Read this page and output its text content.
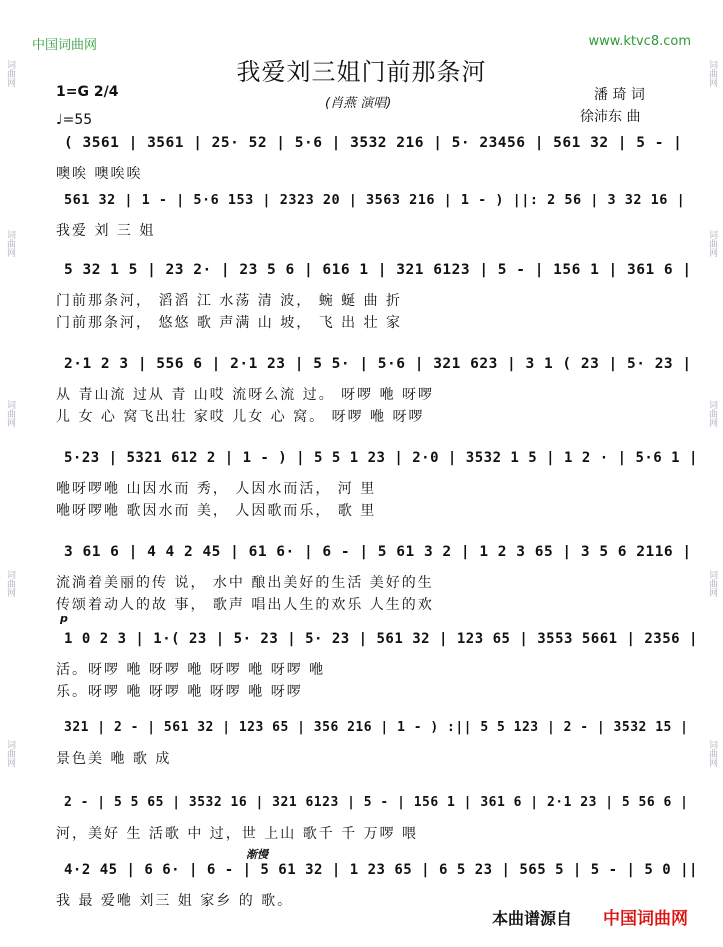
词曲网
词曲网
词曲网
词曲网
词曲网
词曲网
词曲网
词曲网
词曲网
词曲网
中国词曲网	www.ktvc8.com
我爱刘三姐门前那条河
1=G 2/4
♩=55
(肖燕 演唱)
潘 琦 词
徐沛东 曲
( 3561 | 3561 | 25· 52 | 5·6 | 3532 216 | 5· 23456 | 561 32 | 5 - |
噢唉 噢唉唉
561 32 | 1 - | 5·6 153 | 2323 20 | 3563 216 | 1 - ) ||: 2 56 | 3 32 16 |
我爱 刘 三 姐
5 32 1 5 | 23 2· | 23 5 6 | 616 1 | 321 6123 | 5 - | 156 1 | 361 6 |
门前那条河， 滔滔 江 水荡 清 波， 蜿 蜒 曲 折
门前那条河， 悠悠 歌 声满 山 坡， 飞 出 壮 家
2·1 2 3 | 556 6 | 2·1 23 | 5 5· | 5·6 | 321 623 | 3 1 ( 23 | 5· 23 |
从 青山流 过从 青 山哎 流呀么流 过。 呀啰 咃 呀啰
儿 女 心 窝飞出壮 家哎 儿女 心 窝。 呀啰 咃 呀啰
5·23 | 5321 612 2 | 1 - ) | 5 5 1 23 | 2·0 | 3532 1 5 | 1 2 · | 5·6 1 |
咃呀啰咃 山因水而 秀， 人因水而活， 河 里
咃呀啰咃 歌因水而 美， 人因歌而乐， 歌 里
3 61 6 | 4 4 2 45 | 61 6· | 6 - | 5 61 3 2 | 1 2 3 65 | 3 5 6 2116 |
流淌着美丽的传 说， 水中 酿出美好的生活 美好的生
传颂着动人的故 事， 歌声 唱出人生的欢乐 人生的欢
1 0 2 3 | 1·( 23 | 5· 23 | 5· 23 | 561 32 | 123 65 | 3553 5661 | 2356 |
活。呀啰 咃 呀啰 咃 呀啰 咃 呀啰 咃
乐。呀啰 咃 呀啰 咃 呀啰 咃 呀啰
321 | 2 - | 561 32 | 123 65 | 356 216 | 1 - ) :|| 5 5 123 | 2 - | 3532 15 |
景色美 咃 歌 成
2 - | 5 5 65 | 3532 16 | 321 6123 | 5 - | 156 1 | 361 6 | 2·1 23 | 5 56 6 |
河，美好 生 活歌 中 过，世 上山 歌千 千 万啰 喂
4·2 45 | 6 6· | 6 - | 5 61 32 | 1 23 65 | 6 5 23 | 565 5 | 5 - | 5 0 ||
我 最 爱咃 刘三 姐 家乡 的 歌。
渐慢
p
本曲谱源自 中国词曲网
